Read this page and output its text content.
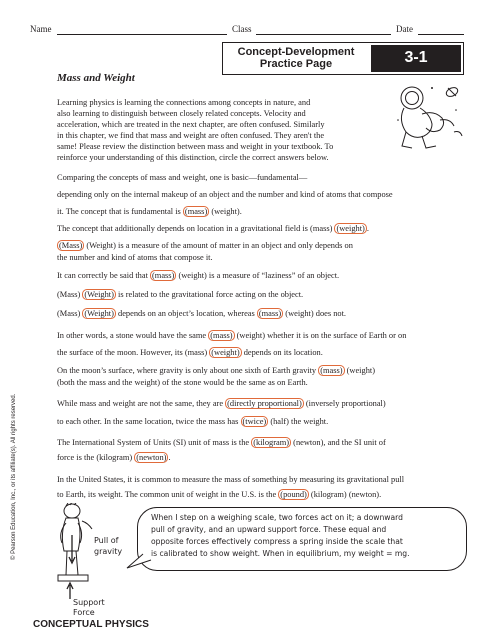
Name	Class	Date
Concept-Development
Practice Page	3-1
Mass and Weight
Learning physics is learning the connections among concepts in nature, and
also learning to distinguish between closely related concepts. Velocity and
acceleration, which are treated in the next chapter, are often confused. Similarly
in this chapter, we find that mass and weight are often confused. They aren't the
same! Please review the distinction between mass and weight in your textbook. To
reinforce your understanding of this distinction, circle the correct answers below.
Comparing the concepts of mass and weight, one is basic—fundamental—
depending only on the internal makeup of an object and the number and kind of atoms that compose
it. The concept that is fundamental is (mass) (weight).
The concept that additionally depends on location in a gravitational field is (mass) (weight) .
(Mass) (Weight) is a measure of the amount of matter in an object and only depends on
the number and kind of atoms that compose it.
It can correctly be said that (mass) (weight) is a measure of “laziness” of an object.
(Mass) (Weight) is related to the gravitational force acting on the object.
(Mass) (Weight) depends on an object’s location, whereas (mass) (weight) does not.
In other words, a stone would have the same (mass) (weight) whether it is on the surface of Earth or on
the surface of the moon. However, its (mass) (weight) depends on its location.
On the moon’s surface, where gravity is only about one sixth of Earth gravity (mass) (weight)
(both the mass and the weight) of the stone would be the same as on Earth.
While mass and weight are not the same, they are (directly proportional) (inversely proportional)
to each other. In the same location, twice the mass has (twice) (half) the weight.
The International System of Units (SI) unit of mass is the (kilogram) (newton), and the SI unit of
force is the (kilogram) (newton) .
In the United States, it is common to measure the mass of something by measuring its gravitational pull
to Earth, its weight. The common unit of weight in the U.S. is the (pound) (kilogram) (newton).
Pull of
gravity
Support
Force
When I step on a weighing scale, two forces act on it; a downward
pull of gravity, and an upward support force. These equal and
opposite forces effectively compress a spring inside the scale that
is calibrated to show weight. When in equilibrium, my weight = mg.
CONCEPTUAL PHYSICS
© Pearson Education, Inc., or its affiliate(s). All rights reserved.
